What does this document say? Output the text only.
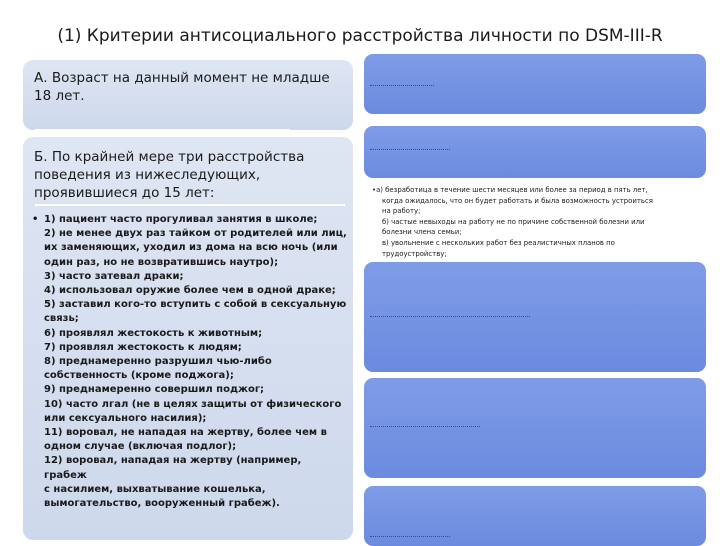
(1) Критерии антисоциального расстройства личности по DSM-III-R
А. Возраст на данный момент не младше 18 лет.
Б. По крайней мере три расстройства поведения из нижеследующих, проявившиеся до 15 лет:
• 1) пациент часто прогуливал занятия в школе;
2) не менее двух раз тайком от родителей или лиц,
их заменяющих, уходил из дома на всю ночь (или
один раз, но не возвратившись наутро);
3) часто затевал драки;
4) использовал оружие более чем в одной драке;
5) заставил кого-то вступить с собой в сексуальную
связь;
6) проявлял жестокость к животным;
7) проявлял жестокость к людям;
8) преднамеренно разрушил чью-либо
собственность (кроме поджога);
9) преднамеренно совершил поджог;
10) часто лгал (не в целях защиты от физического
или сексуального насилия);
11) воровал, не нападая на жертву, более чем в
одном случае (включая подлог);
12) воровал, нападая на жертву (например, грабеж
с насилием, выхватывание кошелька,
вымогательство, вооруженный грабеж).
•а) безработица в течение шести месяцев или более за период в пять лет,
когда ожидалось, что он будет работать и была возможность устроиться
на работу;
б) частые невыходы на работу не по причине собственной болезни или
болезни члена семьи;
в) увольнение с нескольких работ без реалистичных планов по
трудоустройству;
